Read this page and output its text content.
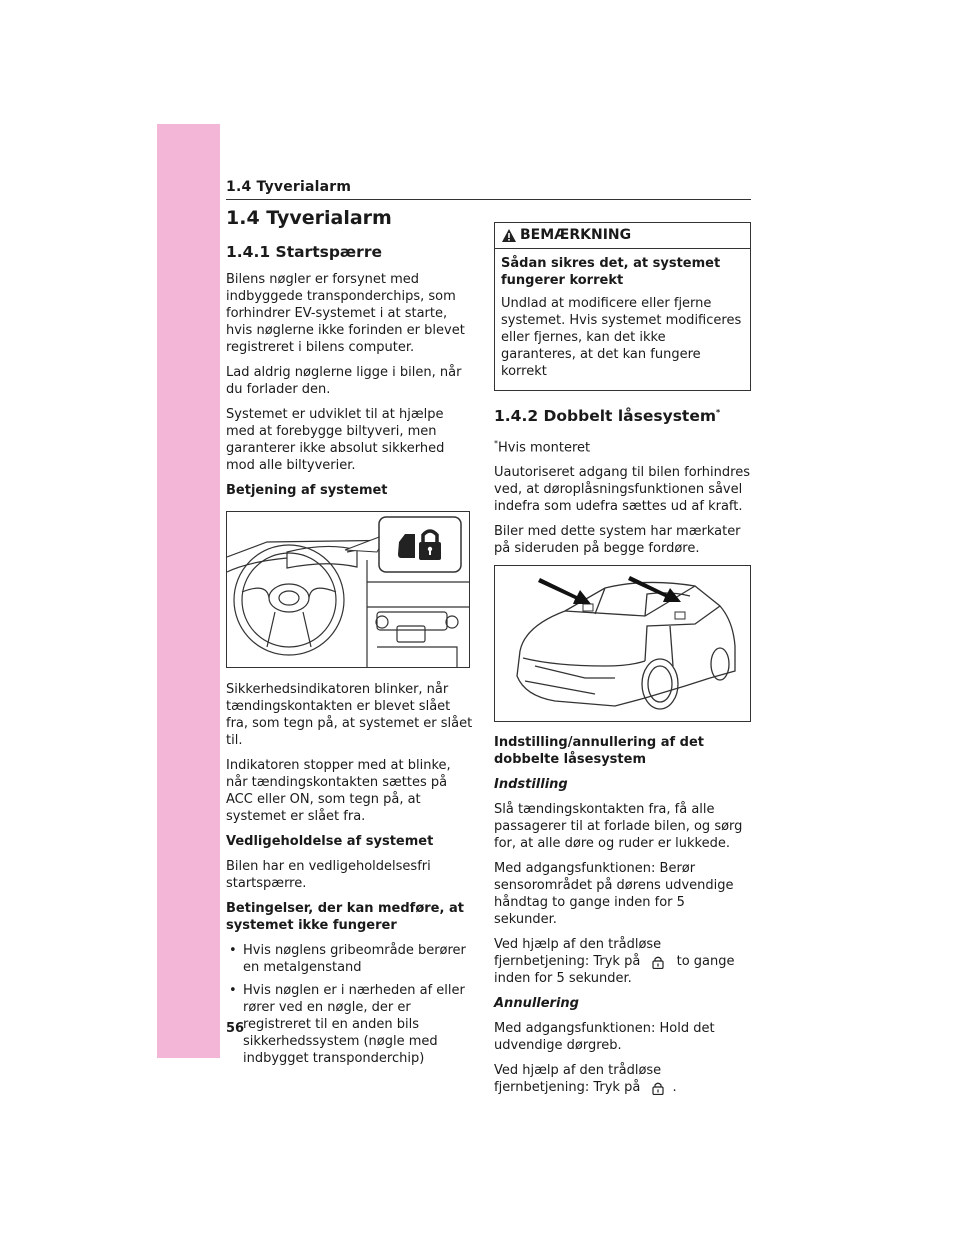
1.4 Tyverialarm
1.4 Tyverialarm
1.4.1 Startspærre

Bilens nøgler er forsynet med indbyggede transponderchips, som forhindrer EV-systemet i at starte, hvis nøglerne ikke forinden er blevet registreret i bilens computer.

Lad aldrig nøglerne ligge i bilen, når du forlader den.

Systemet er udviklet til at hjælpe med at forebygge biltyveri, men garanterer ikke absolut sikkerhed mod alle biltyverier.

Betjening af systemet

Sikkerhedsindikatoren blinker, når tændingskontakten er blevet slået fra, som tegn på, at systemet er slået til.

Indikatoren stopper med at blinke, når tændingskontakten sættes på ACC eller ON, som tegn på, at systemet er slået fra.

Vedligeholdelse af systemet

Bilen har en vedligeholdelsesfri startspærre.

Betingelser, der kan medføre, at systemet ikke fungerer

• Hvis nøglens gribeområde berører en metalgenstand
• Hvis nøglen er i nærheden af eller rører ved en nøgle, der er registreret til en anden bils sikkerhedssystem (nøgle med indbygget transponderchip)
BEMÆRKNING

Sådan sikres det, at systemet fungerer korrekt

Undlad at modificere eller fjerne systemet. Hvis systemet modificeres eller fjernes, kan det ikke garanteres, at det kan fungere korrekt

1.4.2 Dobbelt låsesystem*

*Hvis monteret

Uautoriseret adgang til bilen forhindres ved, at døroplåsningsfunktionen såvel indefra som udefra sættes ud af kraft.

Biler med dette system har mærkater på sideruden på begge fordøre.

Indstilling/annullering af det dobbelte låsesystem

Indstilling

Slå tændingskontakten fra, få alle passagerer til at forlade bilen, og sørg for, at alle døre og ruder er lukkede.

Med adgangsfunktionen: Berør sensorområdet på dørens udvendige håndtag to gange inden for 5 sekunder.

Ved hjælp af den trådløse fjernbetjening: Tryk på	to gange inden for 5 sekunder.

Annullering

Med adgangsfunktionen: Hold det udvendige dørgreb.

Ved hjælp af den trådløse fjernbetjening: Tryk på .

56
